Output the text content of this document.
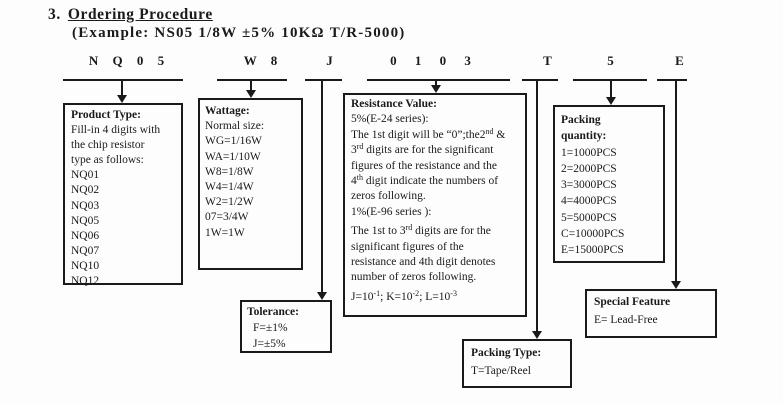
3. Ordering Procedure
(Example: NS05 1/8W ±5% 10KΩ T/R-5000)
N Q 0 5	W 8	J	0 1 0 3	T	5	E
Product Type:
Fill-in 4 digits with
the chip resistor
type as follows:
NQ01
NQ02
NQ03
NQ05
NQ06
NQ07
NQ10
NQ12
Wattage:
Normal size:
WG=1/16W
WA=1/10W
W8=1/8W
W4=1/4W
W2=1/2W
07=3/4W
1W=1W
Resistance Value:
5%(E-24 series):
The 1st digit will be “0”;the2nd &
3rd digits are for the significant
figures of the resistance and the
4th digit indicate the numbers of
zeros following.
1%(E-96 series ):
The 1st to 3rd digits are for the
significant figures of the
resistance and 4th digit denotes
number of zeros following.
$J=10^{-1}$; $K=10^{-2}$; $L=10^{-3}$
Packing
quantity:
1=1000PCS
2=2000PCS
3=3000PCS
4=4000PCS
5=5000PCS
C=10000PCS
E=15000PCS
Tolerance:
F=±1%
J=±5%
Packing Type:
T=Tape/Reel
Special Feature
E= Lead-Free
